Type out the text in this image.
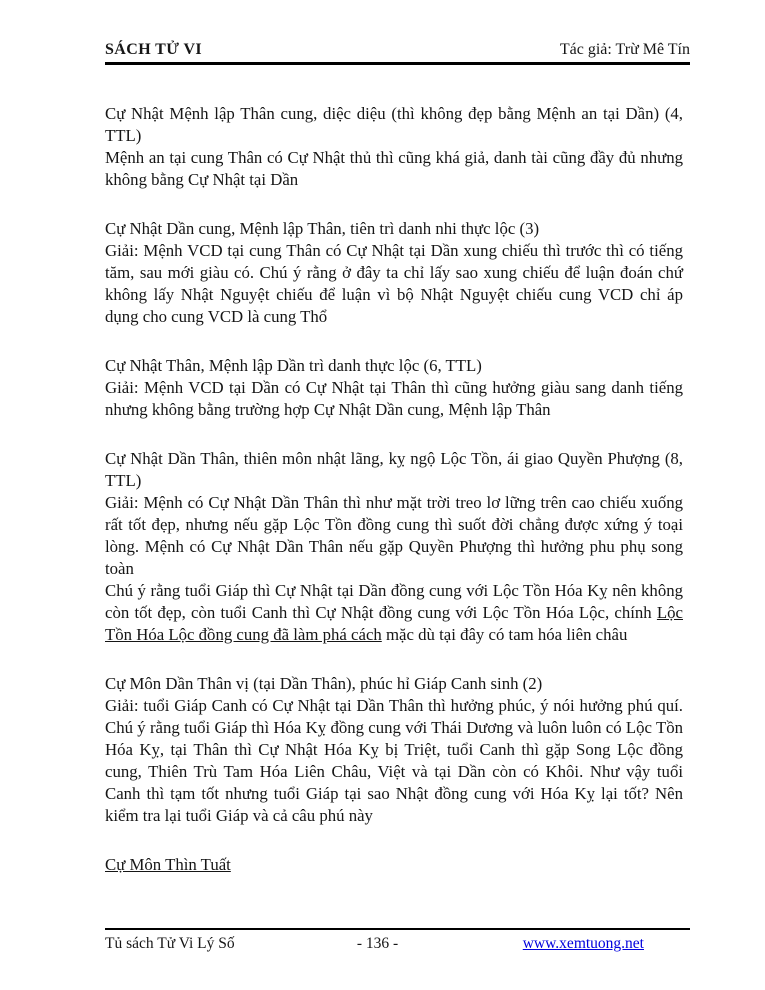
SÁCH TỬ VI	Tác giả: Trừ Mê Tín

Cự Nhật Mệnh lập Thân cung, diệc diệu (thì không đẹp bằng Mệnh an tại Dần) (4, TTL)

Mệnh an tại cung Thân có Cự Nhật thủ thì cũng khá giả, danh tài cũng đầy đủ nhưng không bằng Cự Nhật tại Dần

Cự Nhật Dần cung, Mệnh lập Thân, tiên trì danh nhi thực lộc (3)

Giải: Mệnh VCD tại cung Thân có Cự Nhật tại Dần xung chiếu thì trước thì có tiếng tăm, sau mới giàu có. Chú ý rằng ở đây ta chỉ lấy sao xung chiếu để luận đoán chứ không lấy Nhật Nguyệt chiếu để luận vì bộ Nhật Nguyệt chiếu cung VCD chỉ áp dụng cho cung VCD là cung Thổ

Cự Nhật Thân, Mệnh lập Dần trì danh thực lộc (6, TTL)

Giải: Mệnh VCD tại Dần có Cự Nhật tại Thân thì cũng hưởng giàu sang danh tiếng nhưng không bằng trường hợp Cự Nhật Dần cung, Mệnh lập Thân

Cự Nhật Dần Thân, thiên môn nhật lãng, kỵ ngộ Lộc Tồn, ái giao Quyền Phượng (8, TTL)

Giải: Mệnh có Cự Nhật Dần Thân thì như mặt trời treo lơ lững trên cao chiếu xuống rất tốt đẹp, nhưng nếu gặp Lộc Tồn đồng cung thì suốt đời chẳng được xứng ý toại lòng. Mệnh có Cự Nhật Dần Thân nếu gặp Quyền Phượng thì hưởng phu phụ song toàn

Chú ý rằng tuổi Giáp thì Cự Nhật tại Dần đồng cung với Lộc Tồn Hóa Kỵ nên không còn tốt đẹp, còn tuổi Canh thì Cự Nhật đồng cung với Lộc Tồn Hóa Lộc, chính Lộc Tồn Hóa Lộc đồng cung đã làm phá cách mặc dù tại đây có tam hóa liên châu

Cự Môn Dần Thân vị (tại Dần Thân), phúc hỉ Giáp Canh sinh (2)

Giải: tuổi Giáp Canh có Cự Nhật tại Dần Thân thì hưởng phúc, ý nói hưởng phú quí. Chú ý rằng tuổi Giáp thì Hóa Kỵ đồng cung với Thái Dương và luôn luôn có Lộc Tồn Hóa Kỵ, tại Thân thì Cự Nhật Hóa Kỵ bị Triệt, tuổi Canh thì gặp Song Lộc đồng cung, Thiên Trù Tam Hóa Liên Châu, Việt và tại Dần còn có Khôi. Như vậy tuổi Canh thì tạm tốt nhưng tuổi Giáp tại sao Nhật đồng cung với Hóa Kỵ lại tốt? Nên kiểm tra lại tuổi Giáp và cả câu phú này

Cự Môn Thìn Tuất

Tủ sách Tử Vi Lý Số	- 136 -	www.xemtuong.net
